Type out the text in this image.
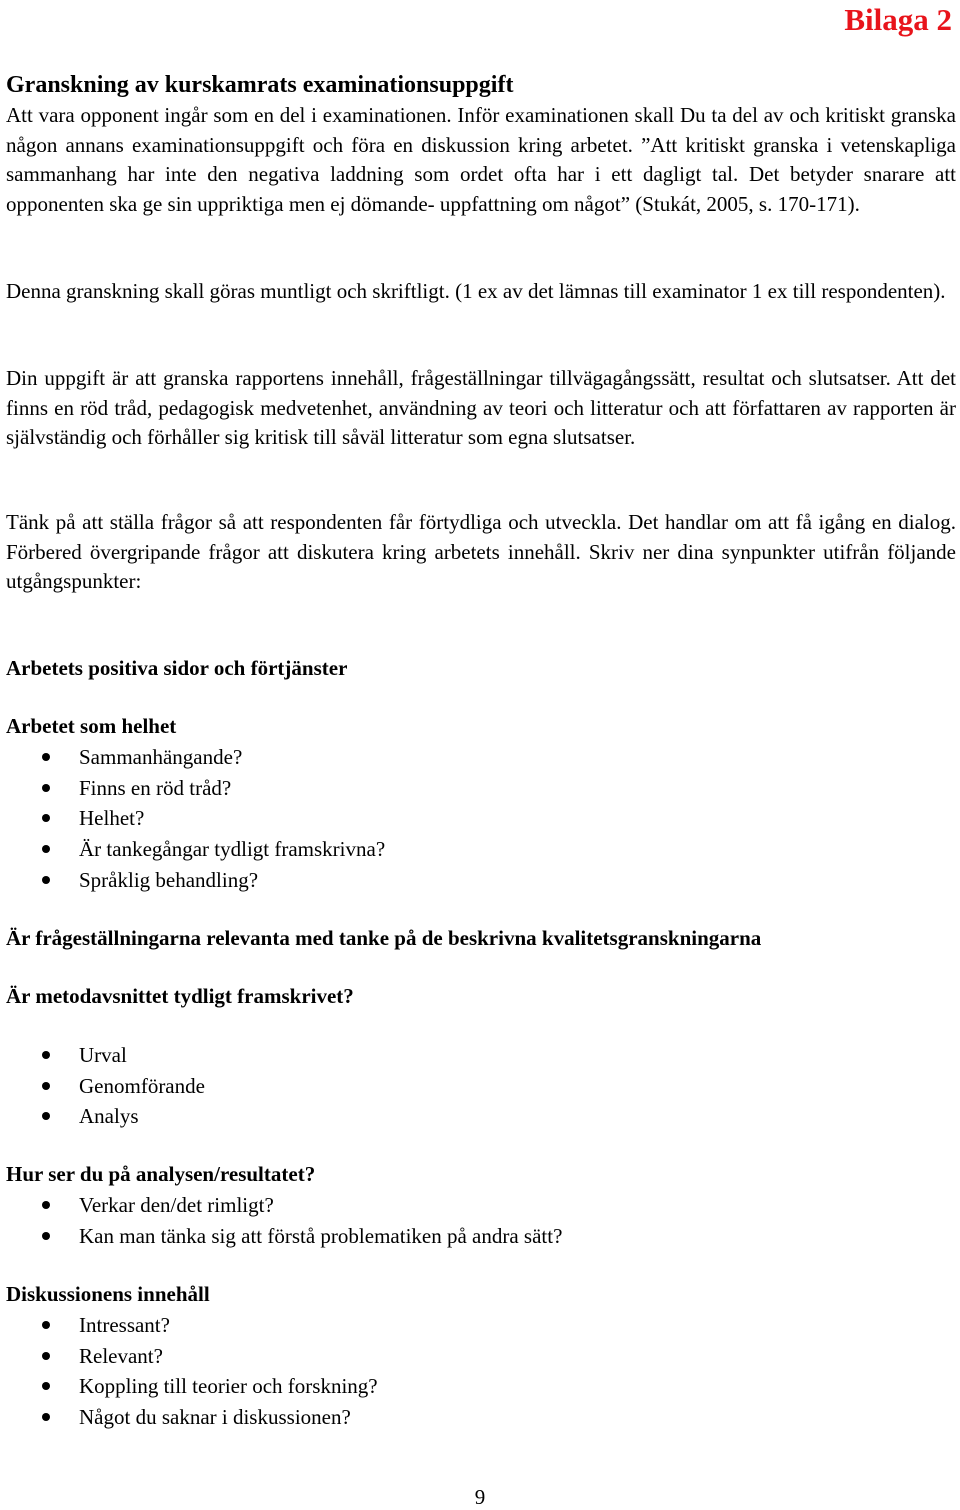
Bilaga 2
Granskning av kurskamrats examinationsuppgift

Att vara opponent ingår som en del i examinationen. Inför examinationen skall Du ta del av och kritiskt granska någon annans examinationsuppgift och föra en diskussion kring arbetet. ”Att kritiskt granska i vetenskapliga sammanhang har inte den negativa laddning som ordet ofta har i ett dagligt tal. Det betyder snarare att opponenten ska ge sin uppriktiga men ej dömande- uppfattning om något” (Stukát, 2005, s. 170-171).

Denna granskning skall göras muntligt och skriftligt. (1 ex av det lämnas till examinator 1 ex till respondenten).

Din uppgift är att granska rapportens innehåll, frågeställningar tillvägagångssätt, resultat och slutsatser. Att det finns en röd tråd, pedagogisk medvetenhet, användning av teori och litteratur och att författaren av rapporten är självständig och förhåller sig kritisk till såväl litteratur som egna slutsatser.

Tänk på att ställa frågor så att respondenten får förtydliga och utveckla. Det handlar om att få igång en dialog. Förbered övergripande frågor att diskutera kring arbetets innehåll. Skriv ner dina synpunkter utifrån följande utgångspunkter:

Arbetets positiva sidor och förtjänster
Arbetet som helhet
Sammanhängande?
Finns en röd tråd?
Helhet?
Är tankegångar tydligt framskrivna?
Språklig behandling?
Är frågeställningarna relevanta med tanke på de beskrivna kvalitetsgranskningarna
Är metodavsnittet tydligt framskrivet?
Urval
Genomförande
Analys
Hur ser du på analysen/resultatet?
Verkar den/det rimligt?
Kan man tänka sig att förstå problematiken på andra sätt?
Diskussionens innehåll
Intressant?
Relevant?
Koppling till teorier och forskning?
Något du saknar i diskussionen?
9
